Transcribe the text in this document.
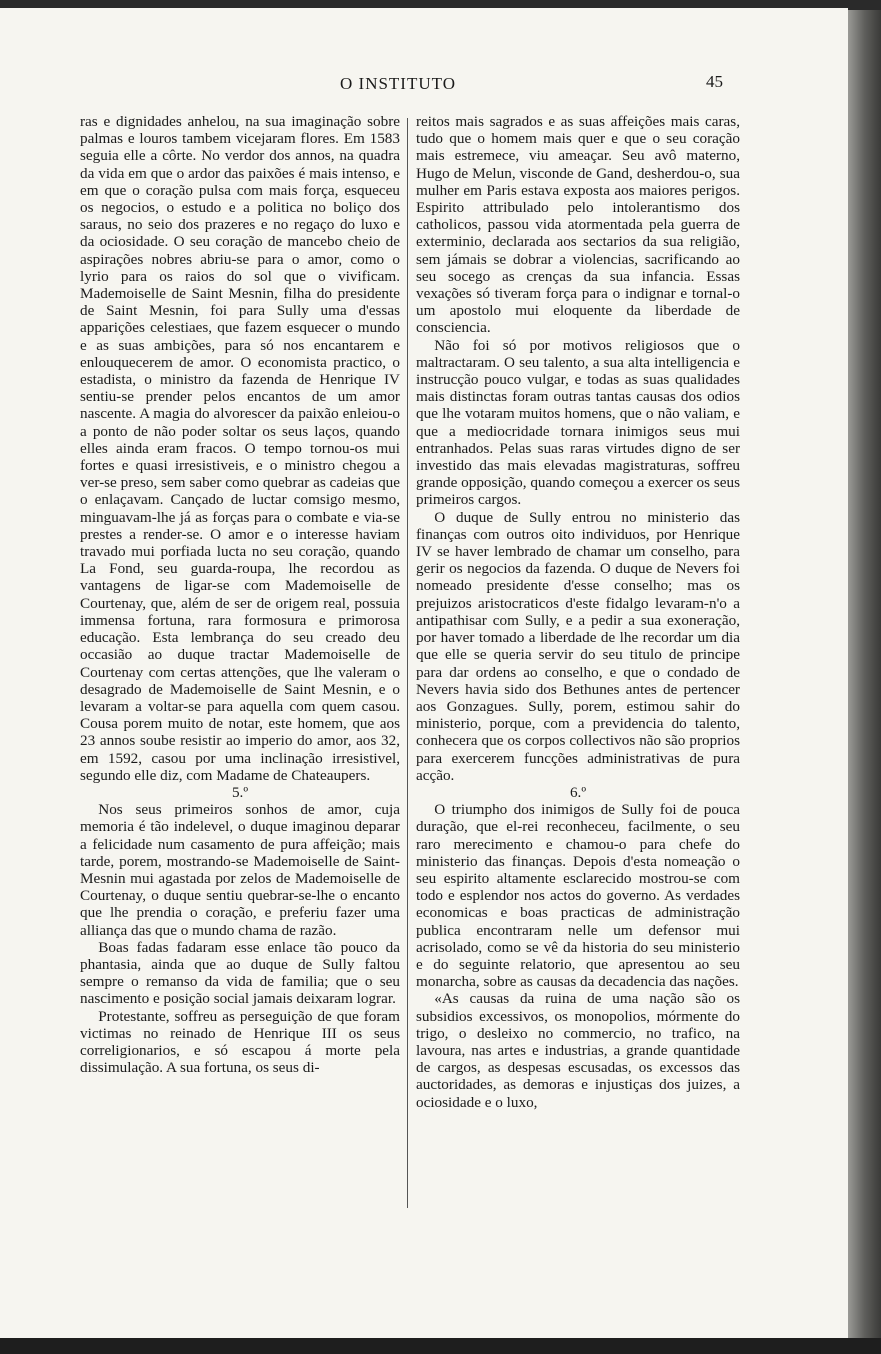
O INSTITUTO	45

ras e dignidades anhelou, na sua imaginação sobre palmas e louros tambem vicejaram flores. Em 1583 seguia elle a côrte. No verdor dos annos, na quadra da vida em que o ardor das paixões é mais intenso, e em que o coração pulsa com mais força, esqueceu os negocios, o estudo e a politica no boliço dos saraus, no seio dos prazeres e no regaço do luxo e da ociosidade. O seu coração de mancebo cheio de aspirações nobres abriu-se para o amor, como o lyrio para os raios do sol que o vivificam. Mademoiselle de Saint Mesnin, filha do presidente de Saint Mesnin, foi para Sully uma d'essas apparições celestiaes, que fazem esquecer o mundo e as suas ambições, para só nos encantarem e enlouquecerem de amor. O economista practico, o estadista, o ministro da fazenda de Henrique IV sentiu-se prender pelos encantos de um amor nascente. A magia do alvorescer da paixão enleiou-o a ponto de não poder soltar os seus laços, quando elles ainda eram fracos. O tempo tornou-os mui fortes e quasi irresistiveis, e o ministro chegou a ver-se preso, sem saber como quebrar as cadeias que o enlaçavam. Cançado de luctar comsigo mesmo, minguavam-lhe já as forças para o combate e via-se prestes a render-se. O amor e o interesse haviam travado mui porfiada lucta no seu coração, quando La Fond, seu guarda-roupa, lhe recordou as vantagens de ligar-se com Mademoiselle de Courtenay, que, além de ser de origem real, possuia immensa fortuna, rara formosura e primorosa educação. Esta lembrança do seu creado deu occasião ao duque tractar Mademoiselle de Courtenay com certas attenções, que lhe valeram o desagrado de Mademoiselle de Saint Mesnin, e o levaram a voltar-se para aquella com quem casou. Cousa porem muito de notar, este homem, que aos 23 annos soube resistir ao imperio do amor, aos 32, em 1592, casou por uma inclinação irresistivel, segundo elle diz, com Madame de Chateaupers.

5.º

Nos seus primeiros sonhos de amor, cuja memoria é tão indelevel, o duque imaginou deparar a felicidade num casamento de pura affeição; mais tarde, porem, mostrando-se Mademoiselle de Saint-Mesnin mui agastada por zelos de Mademoiselle de Courtenay, o duque sentiu quebrar-se-lhe o encanto que lhe prendia o coração, e preferiu fazer uma alliança das que o mundo chama de razão.

Boas fadas fadaram esse enlace tão pouco da phantasia, ainda que ao duque de Sully faltou sempre o remanso da vida de familia; que o seu nascimento e posição social jamais deixaram lograr.

Protestante, soffreu as perseguição de que foram victimas no reinado de Henrique III os seus correligionarios, e só escapou á morte pela dissimulação. A sua fortuna, os seus di-

reitos mais sagrados e as suas affeições mais caras, tudo que o homem mais quer e que o seu coração mais estremece, viu ameaçar. Seu avô materno, Hugo de Melun, visconde de Gand, desherdou-o, sua mulher em Paris estava exposta aos maiores perigos. Espirito attribulado pelo intolerantismo dos catholicos, passou vida atormentada pela guerra de exterminio, declarada aos sectarios da sua religião, sem jámais se dobrar a violencias, sacrificando ao seu socego as crenças da sua infancia. Essas vexações só tiveram força para o indignar e tornal-o um apostolo mui eloquente da liberdade de consciencia.

Não foi só por motivos religiosos que o maltractaram. O seu talento, a sua alta intelligencia e instrucção pouco vulgar, e todas as suas qualidades mais distinctas foram outras tantas causas dos odios que lhe votaram muitos homens, que o não valiam, e que a mediocridade tornara inimigos seus mui entranhados. Pelas suas raras virtudes digno de ser investido das mais elevadas magistraturas, soffreu grande opposição, quando começou a exercer os seus primeiros cargos.

O duque de Sully entrou no ministerio das finanças com outros oito individuos, por Henrique IV se haver lembrado de chamar um conselho, para gerir os negocios da fazenda. O duque de Nevers foi nomeado presidente d'esse conselho; mas os prejuizos aristocraticos d'este fidalgo levaram-n'o a antipathisar com Sully, e a pedir a sua exoneração, por haver tomado a liberdade de lhe recordar um dia que elle se queria servir do seu titulo de principe para dar ordens ao conselho, e que o condado de Nevers havia sido dos Bethunes antes de pertencer aos Gonzagues. Sully, porem, estimou sahir do ministerio, porque, com a previdencia do talento, conhecera que os corpos collectivos não são proprios para exercerem funcções administrativas de pura acção.

6.º

O triumpho dos inimigos de Sully foi de pouca duração, que el-rei reconheceu, facilmente, o seu raro merecimento e chamou-o para chefe do ministerio das finanças. Depois d'esta nomeação o seu espirito altamente esclarecido mostrou-se com todo e esplendor nos actos do governo. As verdades economicas e boas practicas de administração publica encontraram nelle um defensor mui acrisolado, como se vê da historia do seu ministerio e do seguinte relatorio, que apresentou ao seu monarcha, sobre as causas da decadencia das nações.

«As causas da ruina de uma nação são os subsidios excessivos, os monopolios, mórmente do trigo, o desleixo no commercio, no trafico, na lavoura, nas artes e industrias, a grande quantidade de cargos, as despesas escusadas, os excessos das auctoridades, as demoras e injustiças dos juizes, a ociosidade e o luxo,
